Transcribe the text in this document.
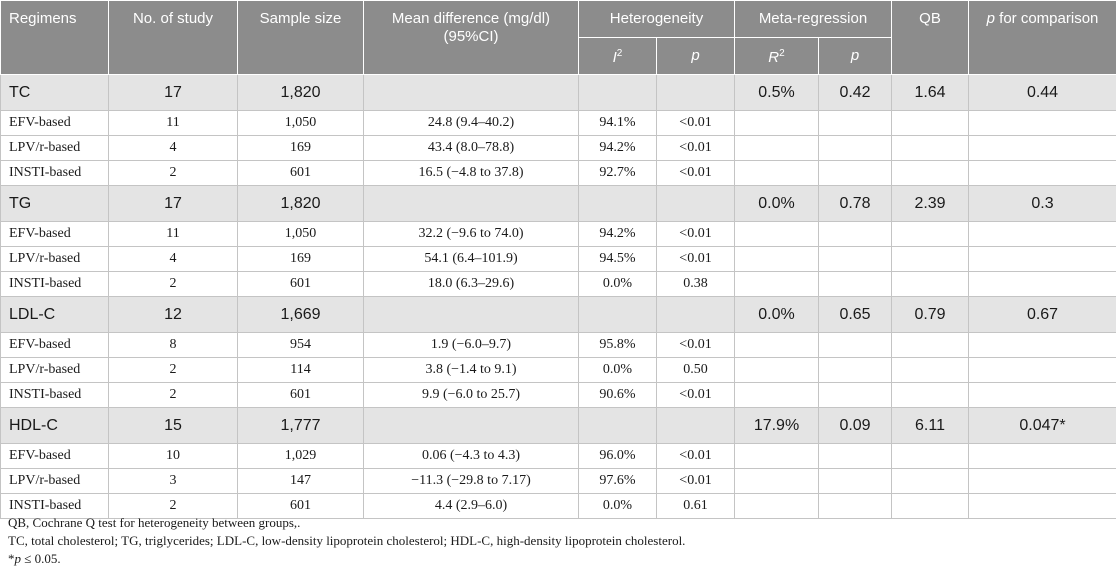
Regimens	No. of study	Sample size	Mean difference (mg/dl) (95%CI)	Heterogeneity		Meta-regression		QB	p for comparison
				$I^2$	p	$R^2$	p		
TC	17	1,820				0.5%	0.42	1.64	0.44
EFV-based	11	1,050	24.8 (9.4–40.2)	94.1%	<0.01				
LPV/r-based	4	169	43.4 (8.0–78.8)	94.2%	<0.01				
INSTI-based	2	601	16.5 (−4.8 to 37.8)	92.7%	<0.01				
TG	17	1,820				0.0%	0.78	2.39	0.3
EFV-based	11	1,050	32.2 (−9.6 to 74.0)	94.2%	<0.01				
LPV/r-based	4	169	54.1 (6.4–101.9)	94.5%	<0.01				
INSTI-based	2	601	18.0 (6.3–29.6)	0.0%	0.38				
LDL-C	12	1,669				0.0%	0.65	0.79	0.67
EFV-based	8	954	1.9 (−6.0–9.7)	95.8%	<0.01				
LPV/r-based	2	114	3.8 (−1.4 to 9.1)	0.0%	0.50				
INSTI-based	2	601	9.9 (−6.0 to 25.7)	90.6%	<0.01				
HDL-C	15	1,777				17.9%	0.09	6.11	0.047*
EFV-based	10	1,029	0.06 (−4.3 to 4.3)	96.0%	<0.01				
LPV/r-based	3	147	−11.3 (−29.8 to 7.17)	97.6%	<0.01				
INSTI-based	2	601	4.4 (2.9–6.0)	0.0%	0.61				

QB, Cochrane Q test for heterogeneity between groups,.

TC, total cholesterol; TG, triglycerides; LDL-C, low-density lipoprotein cholesterol; HDL-C, high-density lipoprotein cholesterol.

*p ≤ 0.05.
